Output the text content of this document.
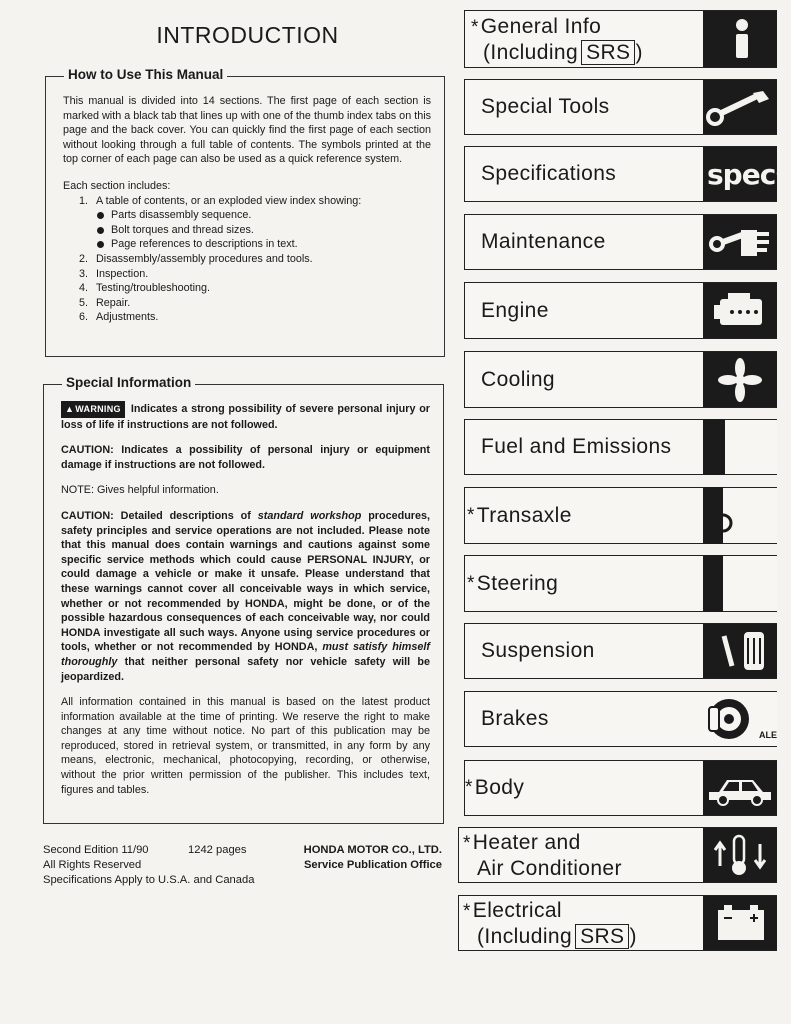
INTRODUCTION
How to Use This Manual

This manual is divided into 14 sections. The first page of each section is marked with a black tab that lines up with one of the thumb index tabs on this page and the back cover. You can quickly find the first page of each section without looking through a full table of contents. The symbols printed at the top corner of each page can also be used as a quick reference system.

Each section includes:

1. A table of contents, or an exploded view index showing:
Parts disassembly sequence.
Bolt torques and thread sizes.
Page references to descriptions in text.
2. Disassembly/assembly procedures and tools.
3. Inspection.
4. Testing/troubleshooting.
5. Repair.
6. Adjustments.
Special Information

▲WARNING Indicates a strong possibility of severe personal injury or loss of life if instructions are not followed.

CAUTION: Indicates a possibility of personal injury or equipment damage if instructions are not followed.

NOTE: Gives helpful information.

CAUTION: Detailed descriptions of standard workshop procedures, safety principles and service operations are not included. Please note that this manual does contain warnings and cautions against some specific service methods which could cause PERSONAL INJURY, or could damage a vehicle or make it unsafe. Please understand that these warnings cannot cover all conceivable ways in which service, whether or not recommended by HONDA, might be done, or of the possible hazardous consequences of each conceivable way, nor could HONDA investigate all such ways. Anyone using service procedures or tools, whether or not recommended by HONDA, must satisfy himself thoroughly that neither personal safety nor vehicle safety will be jeopardized.

All information contained in this manual is based on the latest product information available at the time of printing. We reserve the right to make changes at any time without notice. No part of this publication may be reproduced, stored in retrieval system, or transmitted, in any form by any means, electronic, mechanical, photocopying, recording, or otherwise, without the prior written permission of the publisher. This includes text, figures and tables.

Second Edition 11/90
All Rights Reserved
Specifications Apply to U.S.A. and Canada
1242 pages	HONDA MOTOR CO., LTD.
Service Publication Office
*General Info
(Including SRS )
Special Tools
Specifications	specs
Maintenance
Engine
Cooling
Fuel and Emissions
* Transaxle
* Steering
Suspension
Brakes
ALE
* Body
*Heater and
Air Conditioner
*Electrical
(Including SRS )
